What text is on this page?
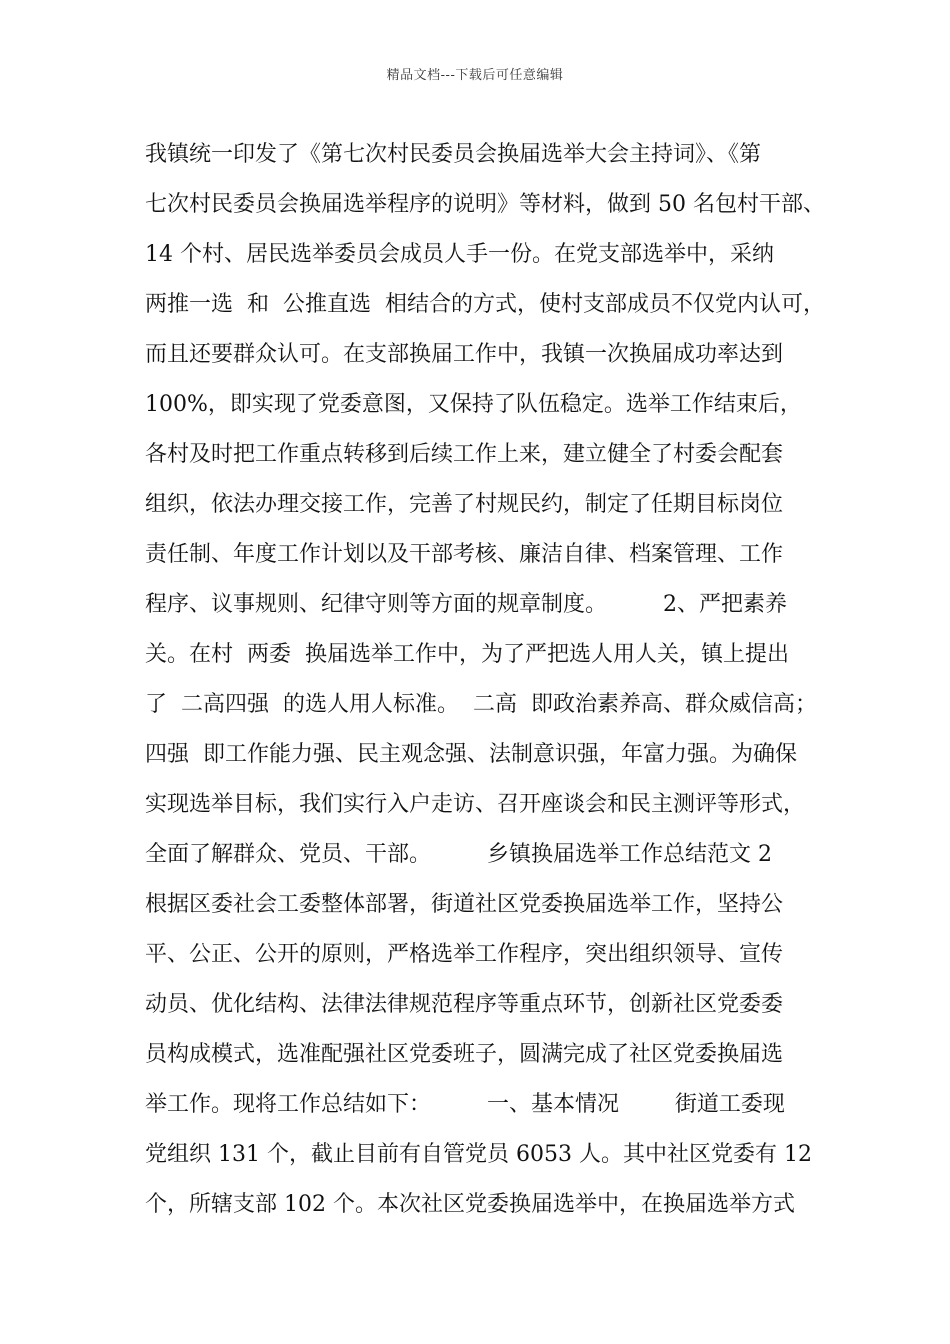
精品文档---下载后可任意编辑
我镇统一印发了《第七次村民委员会换届选举大会主持词》、《第
七次村民委员会换届选举程序的说明》等材料，做到 50 名包村干部、
14 个村、居民选举委员会成员人手一份。在党支部选举中，采纳
两推一选  和  公推直选  相结合的方式，使村支部成员不仅党内认可，
而且还要群众认可。在支部换届工作中，我镇一次换届成功率达到
100%，即实现了党委意图，又保持了队伍稳定。选举工作结束后，
各村及时把工作重点转移到后续工作上来，建立健全了村委会配套
组织，依法办理交接工作，完善了村规民约，制定了任期目标岗位
责任制、年度工作计划以及干部考核、廉洁自律、档案管理、工作
程序、议事规则、纪律守则等方面的规章制度。        2、严把素养
关。在村  两委  换届选举工作中，为了严把选人用人关，镇上提出
了  二高四强  的选人用人标准。  二高  即政治素养高、群众威信高；
四强  即工作能力强、民主观念强、法制意识强，年富力强。为确保
实现选举目标，我们实行入户走访、召开座谈会和民主测评等形式，
全面了解群众、党员、干部。        乡镇换届选举工作总结范文 2
根据区委社会工委整体部署，街道社区党委换届选举工作，坚持公
平、公正、公开的原则，严格选举工作程序，突出组织领导、宣传
动员、优化结构、法律法律规范程序等重点环节，创新社区党委委
员构成模式，选准配强社区党委班子，圆满完成了社区党委换届选
举工作。现将工作总结如下：        一、基本情况        街道工委现
党组织 131 个，截止目前有自管党员 6053 人。其中社区党委有 12
个，所辖支部 102 个。本次社区党委换届选举中，在换届选举方式
